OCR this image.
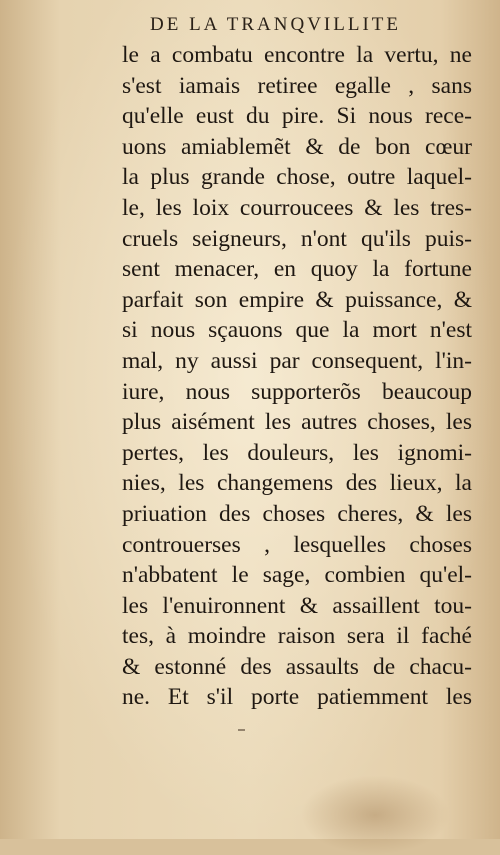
DE LA TRANQVILLITE
le a combatu encontre la vertu, ne
s'est iamais retiree egalle , sans
qu'elle eust du pire. Si nous rece-
uons amiablemẽt & de bon cœur
la plus grande chose, outre laquel-
le, les loix courroucees & les tres-
cruels seigneurs, n'ont qu'ils puis-
sent menacer, en quoy la fortune
parfait son empire & puissance, &
si nous sçauons que la mort n'est
mal, ny aussi par consequent, l'in-
iure, nous supporterõs beaucoup
plus aisément les autres choses, les
pertes, les douleurs, les ignomi-
nies, les changemens des lieux, la
priuation des choses cheres, & les
controuerses , lesquelles choses
n'abbatent le sage, combien qu'el-
les l'enuironnent & assaillent tou-
tes, à moindre raison sera il faché
& estonné des assaults de chacu-
ne. Et s'il porte patiemment les
